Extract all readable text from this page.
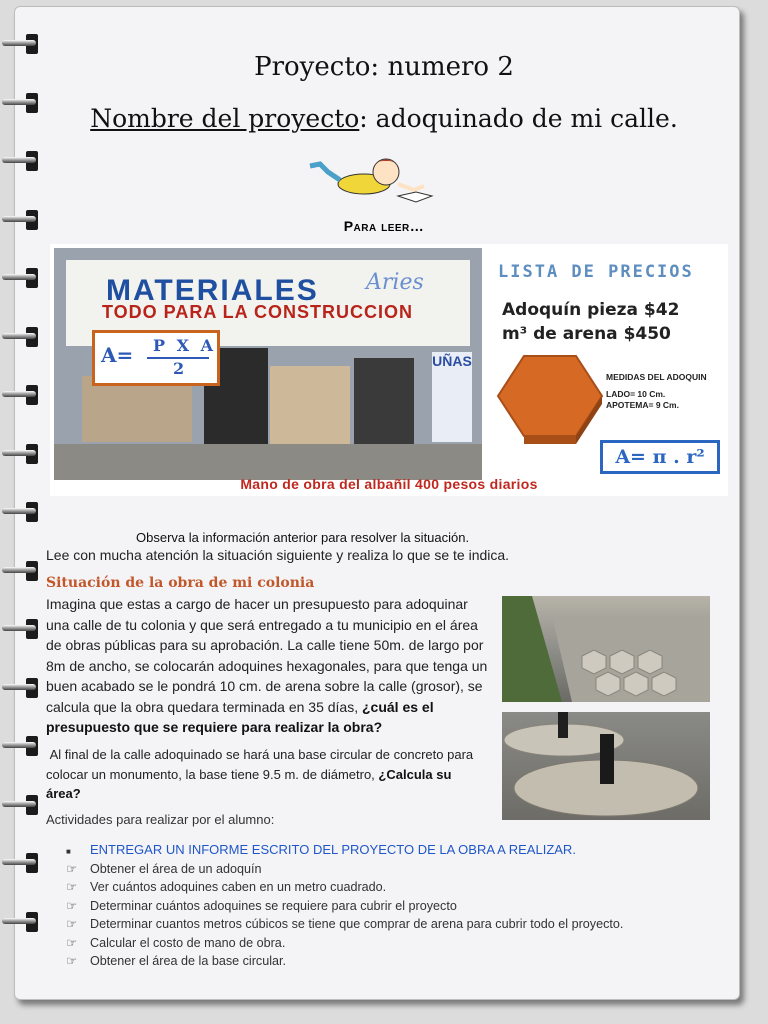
Proyecto: numero 2
Nombre del proyecto: adoquinado de mi calle.
Para leer…
MATERIALES Aries
TODO PARA LA CONSTRUCCION
UÑAS
A= P X A
2
LISTA DE PRECIOS
Adoquín pieza $42
m³ de arena $450
MEDIDAS DEL ADOQUIN
LADO= 10 Cm.
APOTEMA= 9 Cm.
A= π . r²
Mano de obra del albañil 400 pesos diarios
Observa la información anterior para resolver la situación.
Lee con mucha atención la situación siguiente y realiza lo que se te indica.
Situación de la obra de mi colonia
Imagina que estas a cargo de hacer un presupuesto para adoquinar una calle de tu colonia y que será entregado a tu municipio en el área de obras públicas para su aprobación. La calle tiene 50m. de largo por 8m de ancho, se colocarán adoquines hexagonales, para que tenga un buen acabado se le pondrá 10 cm. de arena sobre la calle (grosor), se calcula que la obra quedara terminada en 35 días, ¿cuál es el presupuesto que se requiere para realizar la obra?
Al final de la calle adoquinado se hará una base circular de concreto para colocar un monumento, la base tiene 9.5 m. de diámetro, ¿Calcula su área?
Actividades para realizar por el alumno:
■ ENTREGAR UN INFORME ESCRITO DEL PROYECTO DE LA OBRA A REALIZAR.
☞ Obtener el área de un adoquín
☞ Ver cuántos adoquines caben en un metro cuadrado.
☞ Determinar cuántos adoquines se requiere para cubrir el proyecto
☞ Determinar cuantos metros cúbicos se tiene que comprar de arena para cubrir todo el proyecto.
☞ Calcular el costo de mano de obra.
☞ Obtener el área de la base circular.
